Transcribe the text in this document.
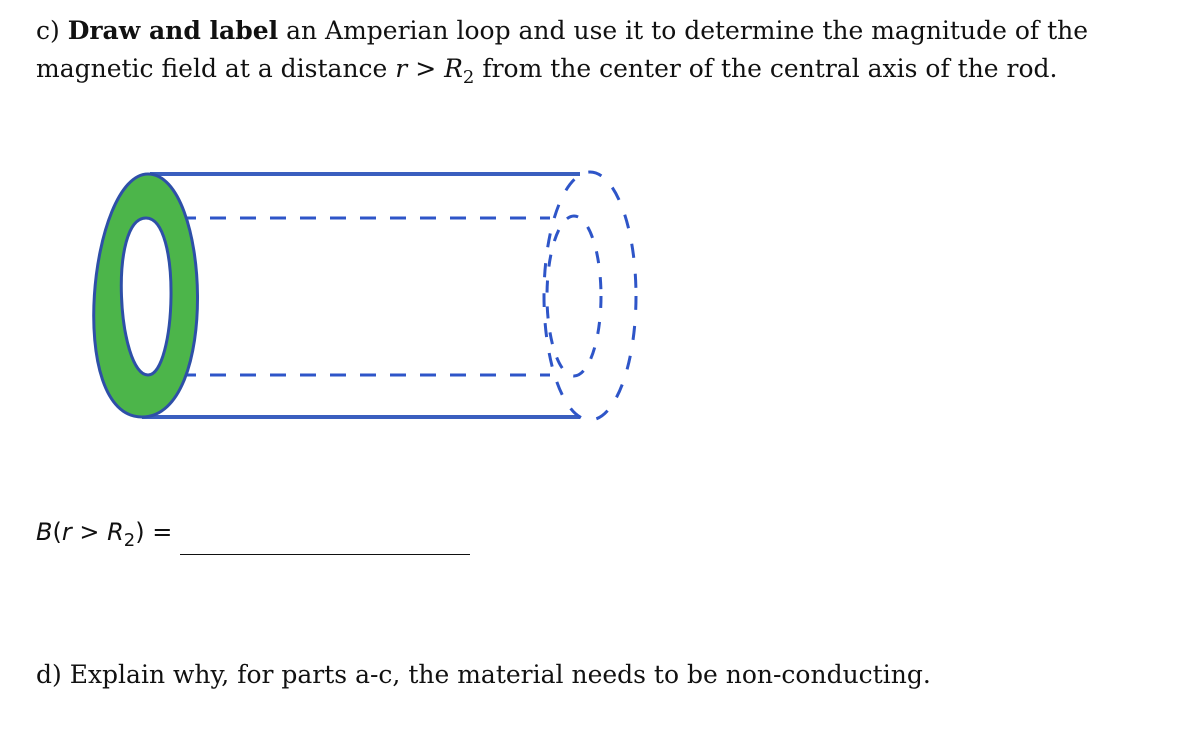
c) Draw and label an Amperian loop and use it to determine the magnitude of the magnetic field at a distance $r > R_2$ from the center of the central axis of the rod.
$B(r > R_2)$ =
d) Explain why, for parts a-c, the material needs to be non-conducting.
